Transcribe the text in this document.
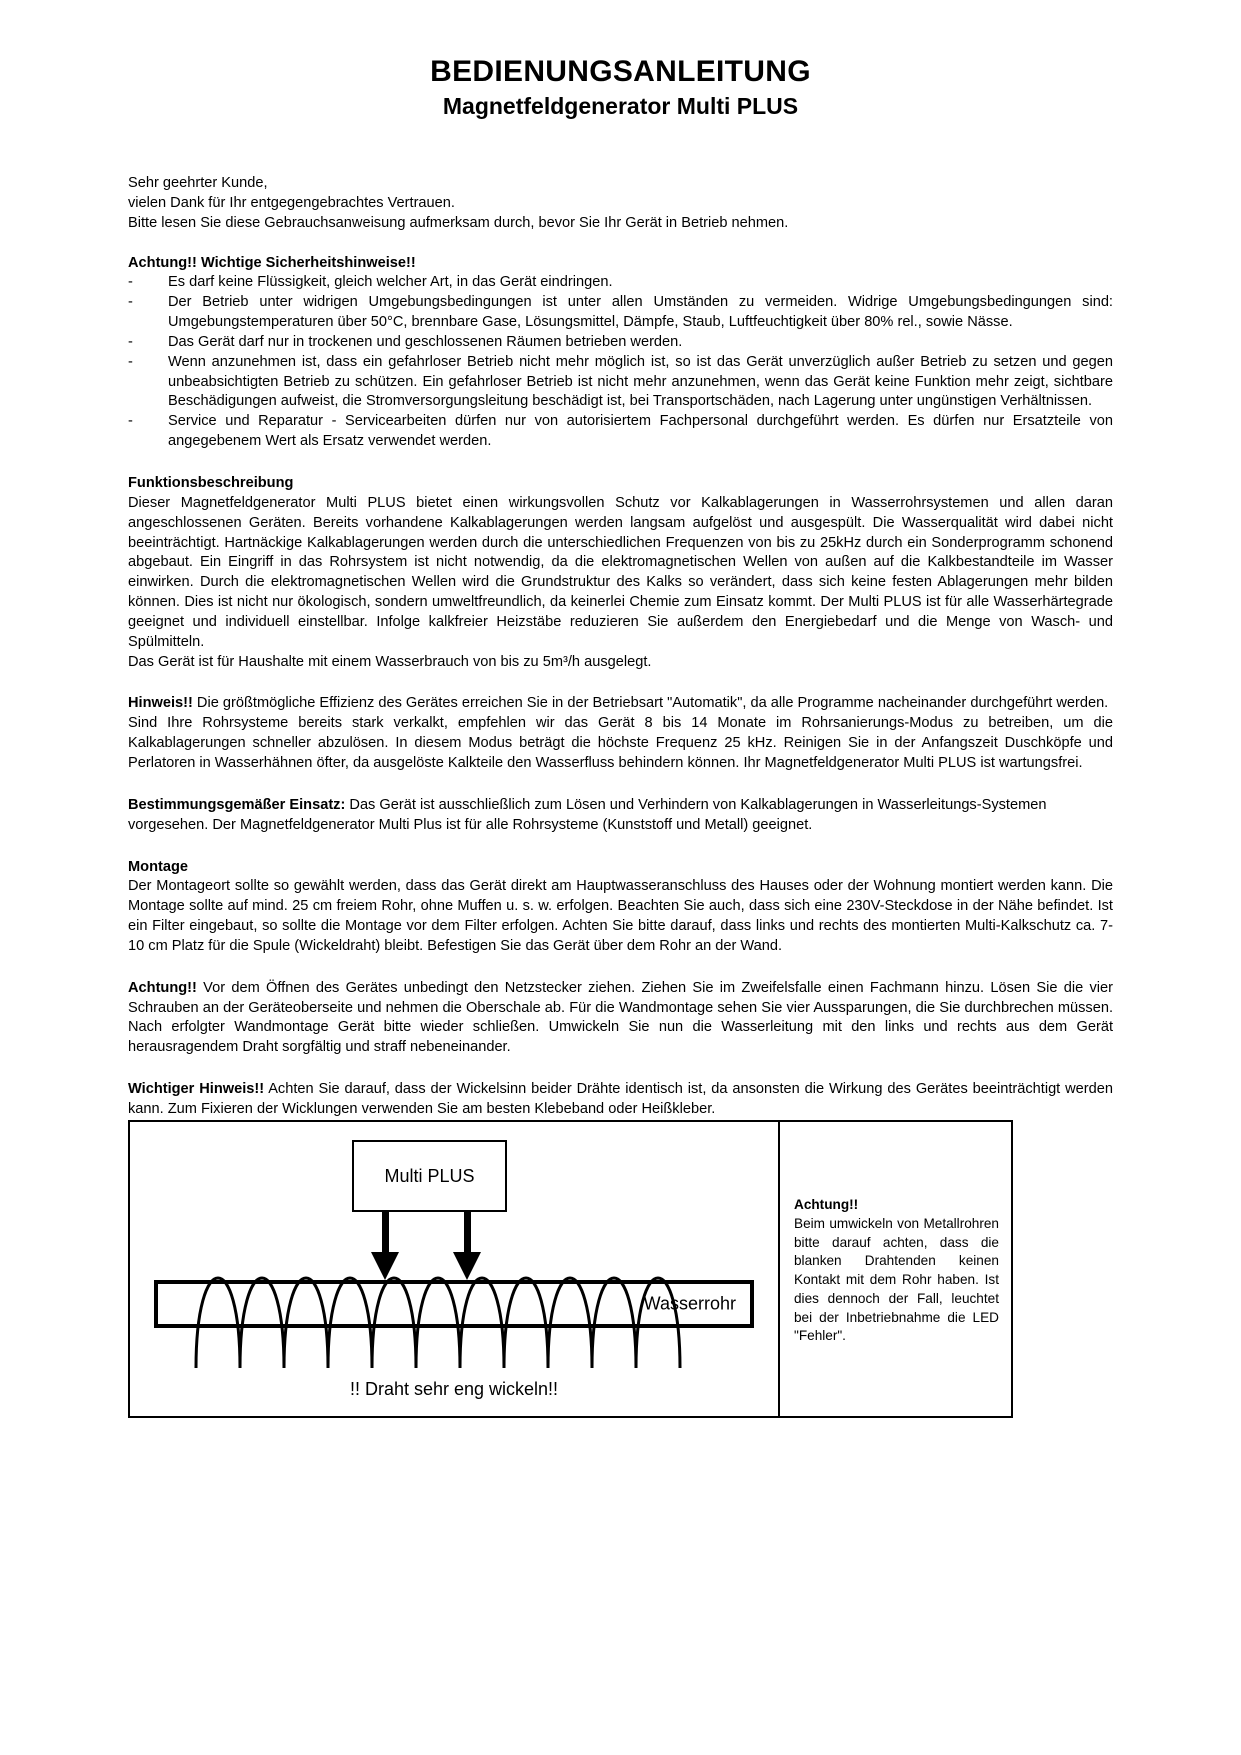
BEDIENUNGSANLEITUNG
Magnetfeldgenerator Multi PLUS

Sehr geehrter Kunde,

vielen Dank für Ihr entgegengebrachtes Vertrauen.

Bitte lesen Sie diese Gebrauchsanweisung aufmerksam durch, bevor Sie Ihr Gerät in Betrieb nehmen.

Achtung!! Wichtige Sicherheitshinweise!!

-	Es darf keine Flüssigkeit, gleich welcher Art, in das Gerät eindringen.
-	Der Betrieb unter widrigen Umgebungsbedingungen ist unter allen Umständen zu vermeiden. Widrige Umgebungsbedingungen sind: Umgebungstemperaturen über 50°C, brennbare Gase, Lösungsmittel, Dämpfe, Staub, Luftfeuchtigkeit über 80% rel., sowie Nässe.
-	Das Gerät darf nur in trockenen und geschlossenen Räumen betrieben werden.
-	Wenn anzunehmen ist, dass ein gefahrloser Betrieb nicht mehr möglich ist, so ist das Gerät unverzüglich außer Betrieb zu setzen und gegen unbeabsichtigten Betrieb zu schützen. Ein gefahrloser Betrieb ist nicht mehr anzunehmen, wenn das Gerät keine Funktion mehr zeigt, sichtbare Beschädigungen aufweist, die Stromversorgungsleitung beschädigt ist, bei Transportschäden, nach Lagerung unter ungünstigen Verhältnissen.
-	Service und Reparatur - Servicearbeiten dürfen nur von autorisiertem Fachpersonal durchgeführt werden. Es dürfen nur Ersatzteile von angegebenem Wert als Ersatz verwendet werden.

Funktionsbeschreibung

Dieser Magnetfeldgenerator Multi PLUS bietet einen wirkungsvollen Schutz vor Kalkablagerungen in Wasserrohrsystemen und allen daran angeschlossenen Geräten. Bereits vorhandene Kalkablagerungen werden langsam aufgelöst und ausgespült. Die Wasserqualität wird dabei nicht beeinträchtigt. Hartnäckige Kalkablagerungen werden durch die unterschiedlichen Frequenzen von bis zu 25kHz durch ein Sonderprogramm schonend abgebaut. Ein Eingriff in das Rohrsystem ist nicht notwendig, da die elektromagnetischen Wellen von außen auf die Kalkbestandteile im Wasser einwirken. Durch die elektromagnetischen Wellen wird die Grundstruktur des Kalks so verändert, dass sich keine festen Ablagerungen mehr bilden können. Dies ist nicht nur ökologisch, sondern umweltfreundlich, da keinerlei Chemie zum Einsatz kommt. Der Multi PLUS ist für alle Wasserhärtegrade geeignet und individuell einstellbar. Infolge kalkfreier Heizstäbe reduzieren Sie außerdem den Energiebedarf und die Menge von Wasch- und Spülmitteln.

Das Gerät ist für Haushalte mit einem Wasserbrauch von bis zu 5m³/h ausgelegt.

Hinweis!! Die größtmögliche Effizienz des Gerätes erreichen Sie in der Betriebsart "Automatik", da alle Programme nacheinander durchgeführt werden.

Sind Ihre Rohrsysteme bereits stark verkalkt, empfehlen wir das Gerät 8 bis 14 Monate im Rohrsanierungs-Modus zu betreiben, um die Kalkablagerungen schneller abzulösen. In diesem Modus beträgt die höchste Frequenz 25 kHz. Reinigen Sie in der Anfangszeit Duschköpfe und Perlatoren in Wasserhähnen öfter, da ausgelöste Kalkteile den Wasserfluss behindern können. Ihr Magnetfeldgenerator Multi PLUS ist wartungsfrei.

Bestimmungsgemäßer Einsatz: Das Gerät ist ausschließlich zum Lösen und Verhindern von Kalkablagerungen in Wasserleitungs-Systemen vorgesehen. Der Magnetfeldgenerator Multi Plus ist für alle Rohrsysteme (Kunststoff und Metall) geeignet.

Montage

Der Montageort sollte so gewählt werden, dass das Gerät direkt am Hauptwasseranschluss des Hauses oder der Wohnung montiert werden kann. Die Montage sollte auf mind. 25 cm freiem Rohr, ohne Muffen u. s. w. erfolgen. Beachten Sie auch, dass sich eine 230V-Steckdose in der Nähe befindet. Ist ein Filter eingebaut, so sollte die Montage vor dem Filter erfolgen. Achten Sie bitte darauf, dass links und rechts des montierten Multi-Kalkschutz ca. 7-10 cm Platz für die Spule (Wickeldraht) bleibt. Befestigen Sie das Gerät über dem Rohr an der Wand.

Achtung!! Vor dem Öffnen des Gerätes unbedingt den Netzstecker ziehen. Ziehen Sie im Zweifelsfalle einen Fachmann hinzu. Lösen Sie die vier Schrauben an der Geräteoberseite und nehmen die Oberschale ab. Für die Wandmontage sehen Sie vier Aussparungen, die Sie durchbrechen müssen. Nach erfolgter Wandmontage Gerät bitte wieder schließen. Umwickeln Sie nun die Wasserleitung mit den links und rechts aus dem Gerät herausragendem Draht sorgfältig und straff nebeneinander.

Wichtiger Hinweis!! Achten Sie darauf, dass der Wickelsinn beider Drähte identisch ist, da ansonsten die Wirkung des Gerätes beeinträchtigt werden kann. Zum Fixieren der Wicklungen verwenden Sie am besten Klebeband oder Heißkleber.

Multi PLUS
Wasserrohr
!! Draht sehr eng wickeln!!

Achtung!!

Beim umwickeln von Metallrohren bitte darauf achten, dass die blanken Drahtenden keinen Kontakt mit dem Rohr haben. Ist dies dennoch der Fall, leuchtet bei der Inbetriebnahme die LED "Fehler".
